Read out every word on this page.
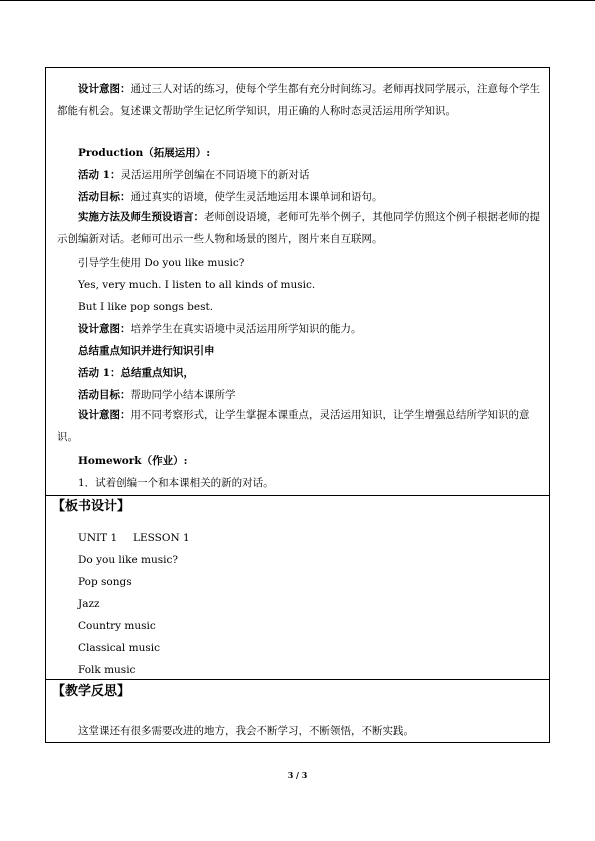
设计意图：通过三人对话的练习，使每个学生都有充分时间练习。老师再找同学展示，注意每个学生都能有机会。复述课文帮助学生记忆所学知识，用正确的人称时态灵活运用所学知识。
Production（拓展运用）:
活动 1：灵活运用所学创编在不同语境下的新对话
活动目标：通过真实的语境，使学生灵活地运用本课单词和语句。
实施方法及师生预设语言：老师创设语境，老师可先举个例子，其他同学仿照这个例子根据老师的提示创编新对话。老师可出示一些人物和场景的图片，图片来自互联网。
引导学生使用 Do you like music?
Yes, very much. I listen to all kinds of music.
But I like pop songs best.
设计意图：培养学生在真实语境中灵活运用所学知识的能力。
总结重点知识并进行知识引申
活动 1：总结重点知识，
活动目标：帮助同学小结本课所学
设计意图：用不同考察形式，让学生掌握本课重点，灵活运用知识，让学生增强总结所学知识的意识。
Homework（作业）:
1．试着创编一个和本课相关的新的对话。
【板书设计】
UNIT 1 LESSON 1
Do you like music?
Pop songs
Jazz
Country music
Classical music
Folk music
【教学反思】
这堂课还有很多需要改进的地方，我会不断学习，不断领悟，不断实践。
3 / 3
